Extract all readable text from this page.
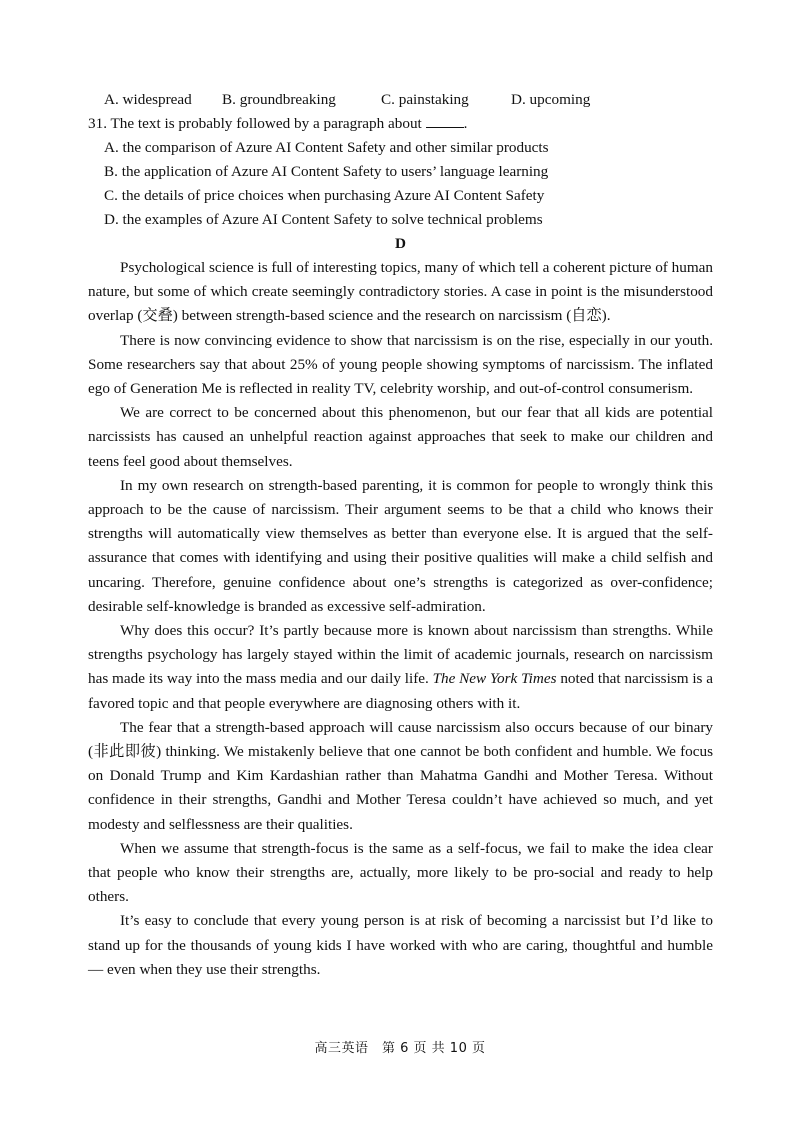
A. widespread	B. groundbreaking	C. painstaking	D. upcoming
31. The text is probably followed by a paragraph about	.
A. the comparison of Azure AI Content Safety and other similar products
B. the application of Azure AI Content Safety to users’ language learning
C. the details of price choices when purchasing Azure AI Content Safety
D. the examples of Azure AI Content Safety to solve technical problems
D

Psychological science is full of interesting topics, many of which tell a coherent picture of human nature, but some of which create seemingly contradictory stories. A case in point is the misunderstood overlap (交叠) between strength-based science and the research on narcissism (自恋).

There is now convincing evidence to show that narcissism is on the rise, especially in our youth. Some researchers say that about 25% of young people showing symptoms of narcissism. The inflated ego of Generation Me is reflected in reality TV, celebrity worship, and out-of-control consumerism.

We are correct to be concerned about this phenomenon, but our fear that all kids are potential narcissists has caused an unhelpful reaction against approaches that seek to make our children and teens feel good about themselves.

In my own research on strength-based parenting, it is common for people to wrongly think this approach to be the cause of narcissism. Their argument seems to be that a child who knows their strengths will automatically view themselves as better than everyone else. It is argued that the self-assurance that comes with identifying and using their positive qualities will make a child selfish and uncaring. Therefore, genuine confidence about one’s strengths is categorized as over-confidence; desirable self-knowledge is branded as excessive self-admiration.

Why does this occur? It’s partly because more is known about narcissism than strengths. While strengths psychology has largely stayed within the limit of academic journals, research on narcissism has made its way into the mass media and our daily life. The New York Times noted that narcissism is a favored topic and that people everywhere are diagnosing others with it.

The fear that a strength-based approach will cause narcissism also occurs because of our binary (非此即彼) thinking. We mistakenly believe that one cannot be both confident and humble. We focus on Donald Trump and Kim Kardashian rather than Mahatma Gandhi and Mother Teresa. Without confidence in their strengths, Gandhi and Mother Teresa couldn’t have achieved so much, and yet modesty and selflessness are their qualities.

When we assume that strength-focus is the same as a self-focus, we fail to make the idea clear that people who know their strengths are, actually, more likely to be pro-social and ready to help others.

It’s easy to conclude that every young person is at risk of becoming a narcissist but I’d like to stand up for the thousands of young kids I have worked with who are caring, thoughtful and humble — even when they use their strengths.

高三英语　第 6 页 共 10 页
